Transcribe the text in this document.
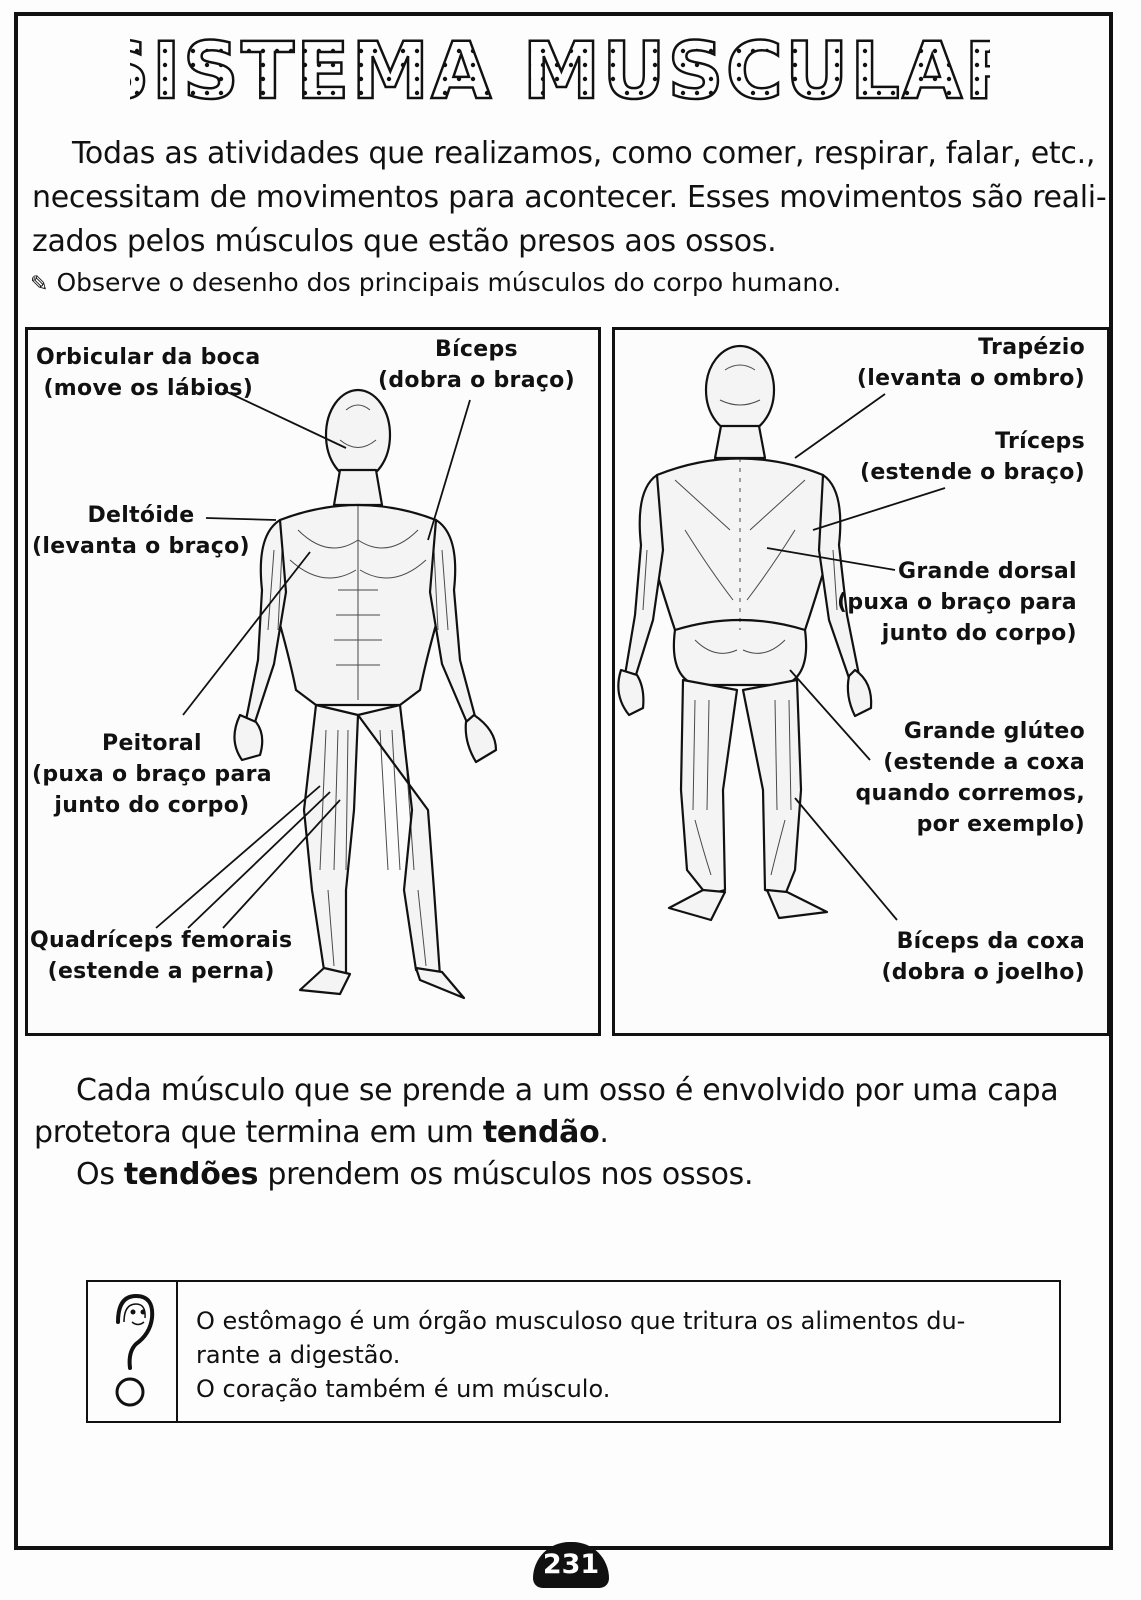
SISTEMA MUSCULAR

Todas as atividades que realizamos, como comer, respirar, falar, etc.,

necessitam de movimentos para acontecer. Esses movimentos são reali-

zados pelos músculos que estão presos aos ossos.

✎ Observe o desenho dos principais músculos do corpo humano.
Orbicular da boca
(move os lábios)
Bíceps
(dobra o braço)
Deltóide
(levanta o braço)
Peitoral
(puxa o braço para
junto do corpo)
Quadríceps femorais
(estende a perna)
Trapézio
(levanta o ombro)
Tríceps
(estende o braço)
Grande dorsal
(puxa o braço para
junto do corpo)
Grande glúteo
(estende a coxa
quando corremos,
por exemplo)
Bíceps da coxa
(dobra o joelho)

Cada músculo que se prende a um osso é envolvido por uma capa

protetora que termina em um tendão.

Os tendões prendem os músculos nos ossos.

O estômago é um órgão musculoso que tritura os alimentos du-

rante a digestão.

O coração também é um músculo.

231
